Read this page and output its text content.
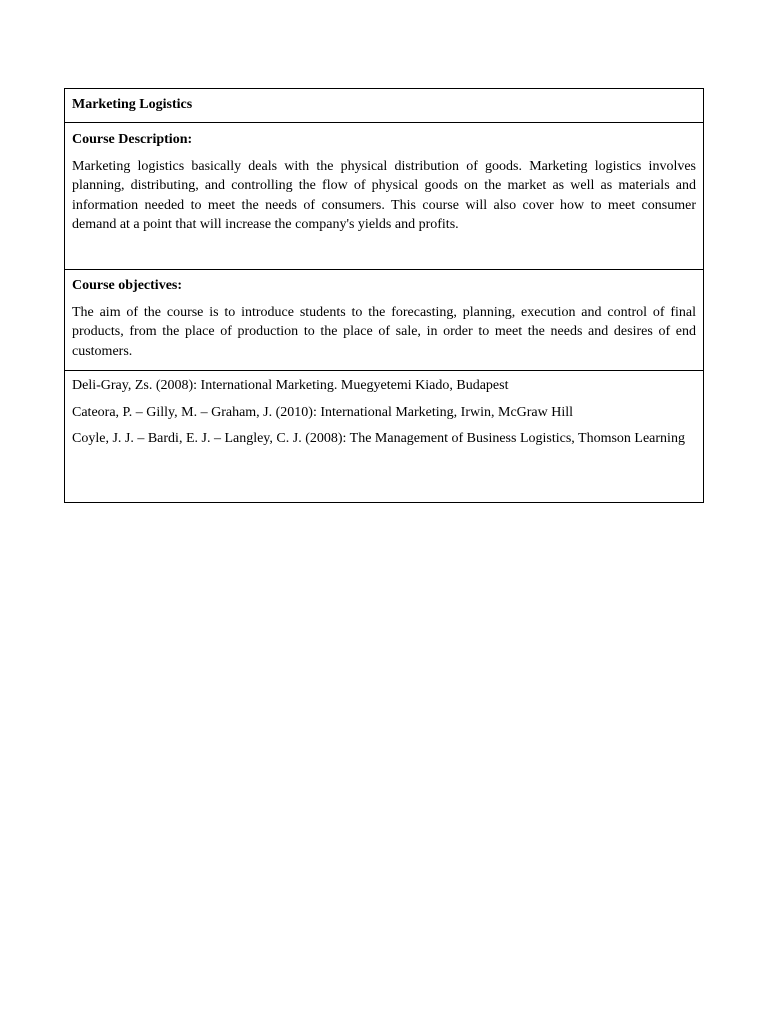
Marketing Logistics

Course Description:

Marketing logistics basically deals with the physical distribution of goods. Marketing logistics involves planning, distributing, and controlling the flow of physical goods on the market as well as materials and information needed to meet the needs of consumers. This course will also cover how to meet consumer demand at a point that will increase the company's yields and profits.

Course objectives:

The aim of the course is to introduce students to the forecasting, planning, execution and control of final products, from the place of production to the place of sale, in order to meet the needs and desires of end customers.

Deli-Gray, Zs. (2008): International Marketing. Muegyetemi Kiado, Budapest

Cateora, P. – Gilly, M. – Graham, J. (2010): International Marketing, Irwin, McGraw Hill

Coyle, J. J. – Bardi, E. J. – Langley, C. J. (2008): The Management of Business Logistics, Thomson Learning
